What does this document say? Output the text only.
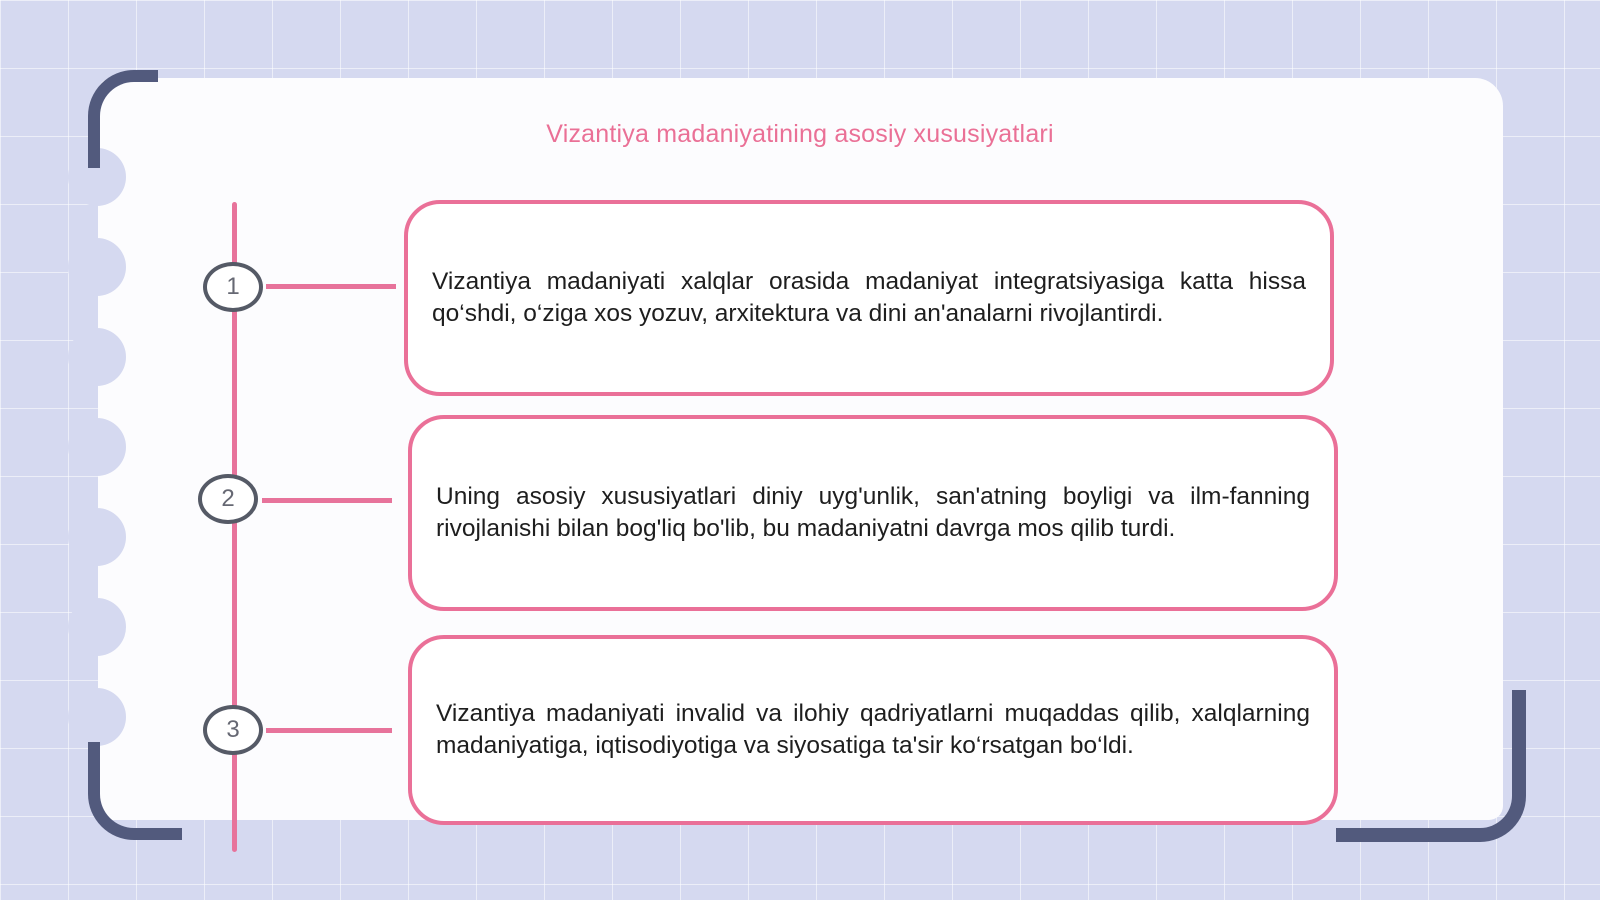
Vizantiya madaniyatining asosiy xususiyatlari
1
2
3

Vizantiya madaniyati xalqlar orasida madaniyat integratsiyasiga katta hissa qo‘shdi, o‘ziga xos yozuv, arxitektura va dini an'analarni rivojlantirdi.

Uning asosiy xususiyatlari diniy uyg'unlik, san'atning boyligi va ilm-fanning rivojlanishi bilan bog'liq bo'lib, bu madaniyatni davrga mos qilib turdi.

Vizantiya madaniyati invalid va ilohiy qadriyatlarni muqaddas qilib, xalqlarning madaniyatiga, iqtisodiyotiga va siyosatiga ta'sir ko‘rsatgan bo‘ldi.
